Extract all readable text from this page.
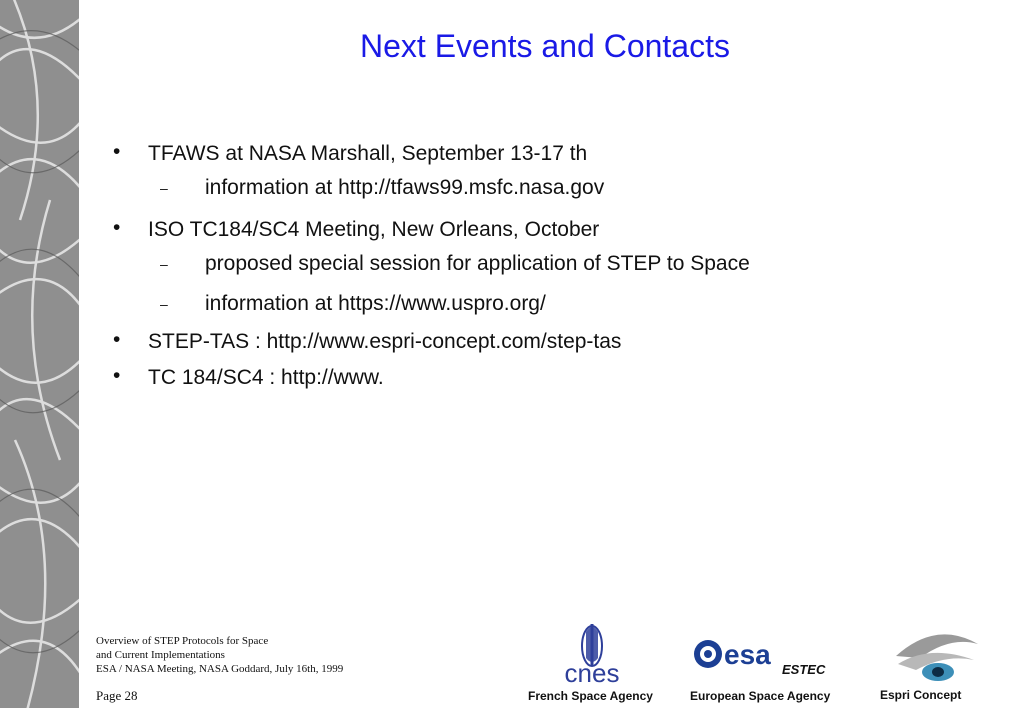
Next Events and Contacts
• TFAWS at NASA Marshall, September 13-17 th
– information at http://tfaws99.msfc.nasa.gov
• ISO TC184/SC4 Meeting, New Orleans, October
– proposed special session for application of STEP to Space
– information at https://www.uspro.org/
• STEP-TAS : http://www.espri-concept.com/step-tas
• TC 184/SC4 : http://www.
Overview of STEP Protocols for Space
and Current Implementations
ESA / NASA Meeting, NASA Goddard, July 16th, 1999
Page 28
cnes
French Space Agency
esa ESTEC
European Space Agency	Espri Concept
